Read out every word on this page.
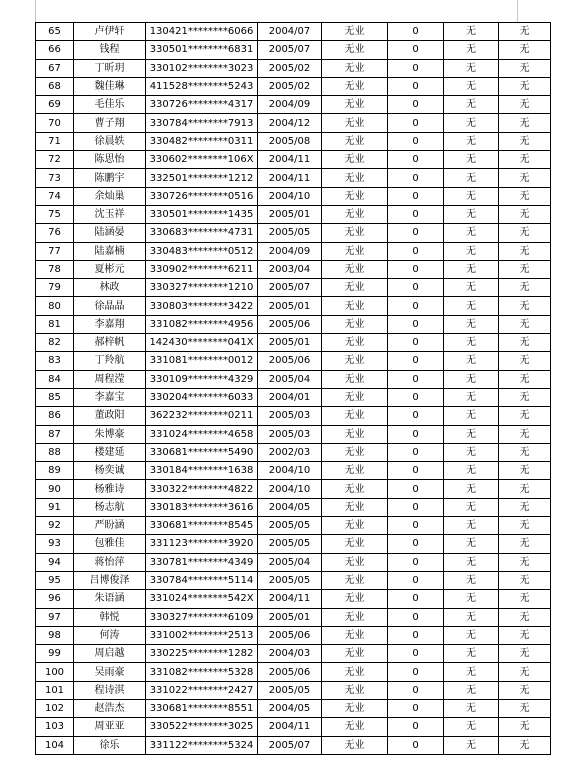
65	卢伊轩	130421********6066	2004/07	无业	0	无	无
66	钱程	330501********6831	2005/07	无业	0	无	无
67	丁昕玥	330102********3023	2005/02	无业	0	无	无
68	魏佳琳	411528********5243	2005/02	无业	0	无	无
69	毛佳乐	330726********4317	2004/09	无业	0	无	无
70	曹子翔	330784********7913	2004/12	无业	0	无	无
71	徐晨轶	330482********0311	2005/08	无业	0	无	无
72	陈思怡	330602********106X	2004/11	无业	0	无	无
73	陈鹏宇	332501********1212	2004/11	无业	0	无	无
74	余灿巢	330726********0516	2004/10	无业	0	无	无
75	沈玉祥	330501********1435	2005/01	无业	0	无	无
76	陆涵晏	330683********4731	2005/05	无业	0	无	无
77	陆嘉楠	330483********0512	2004/09	无业	0	无	无
78	夏彬元	330902********6211	2003/04	无业	0	无	无
79	林政	330327********1210	2005/07	无业	0	无	无
80	徐晶晶	330803********3422	2005/01	无业	0	无	无
81	李嘉翔	331082********4956	2005/06	无业	0	无	无
82	郝梓帆	142430********041X	2005/01	无业	0	无	无
83	丁羚航	331081********0012	2005/06	无业	0	无	无
84	周程滢	330109********4329	2005/04	无业	0	无	无
85	李嘉宝	330204********6033	2004/01	无业	0	无	无
86	董政阳	362232********0211	2005/03	无业	0	无	无
87	朱博豪	331024********4658	2005/03	无业	0	无	无
88	楼建延	330681********5490	2002/03	无业	0	无	无
89	杨奕诚	330184********1638	2004/10	无业	0	无	无
90	杨雅诗	330322********4822	2004/10	无业	0	无	无
91	杨志航	330183********3616	2004/05	无业	0	无	无
92	严盼涵	330681********8545	2005/05	无业	0	无	无
93	包雅佳	331123********3920	2005/05	无业	0	无	无
94	蒋怡萍	330781********4349	2005/04	无业	0	无	无
95	吕博俊泽	330784********5114	2005/05	无业	0	无	无
96	朱语涵	331024********542X	2004/11	无业	0	无	无
97	韩悦	330327********6109	2005/01	无业	0	无	无
98	何涛	331002********2513	2005/06	无业	0	无	无
99	周启越	330225********1282	2004/03	无业	0	无	无
100	吴雨豪	331082********5328	2005/06	无业	0	无	无
101	程诗淇	331022********2427	2005/05	无业	0	无	无
102	赵浩杰	330681********8551	2004/05	无业	0	无	无
103	周亚亚	330522********3025	2004/11	无业	0	无	无
104	徐乐	331122********5324	2005/07	无业	0	无	无
